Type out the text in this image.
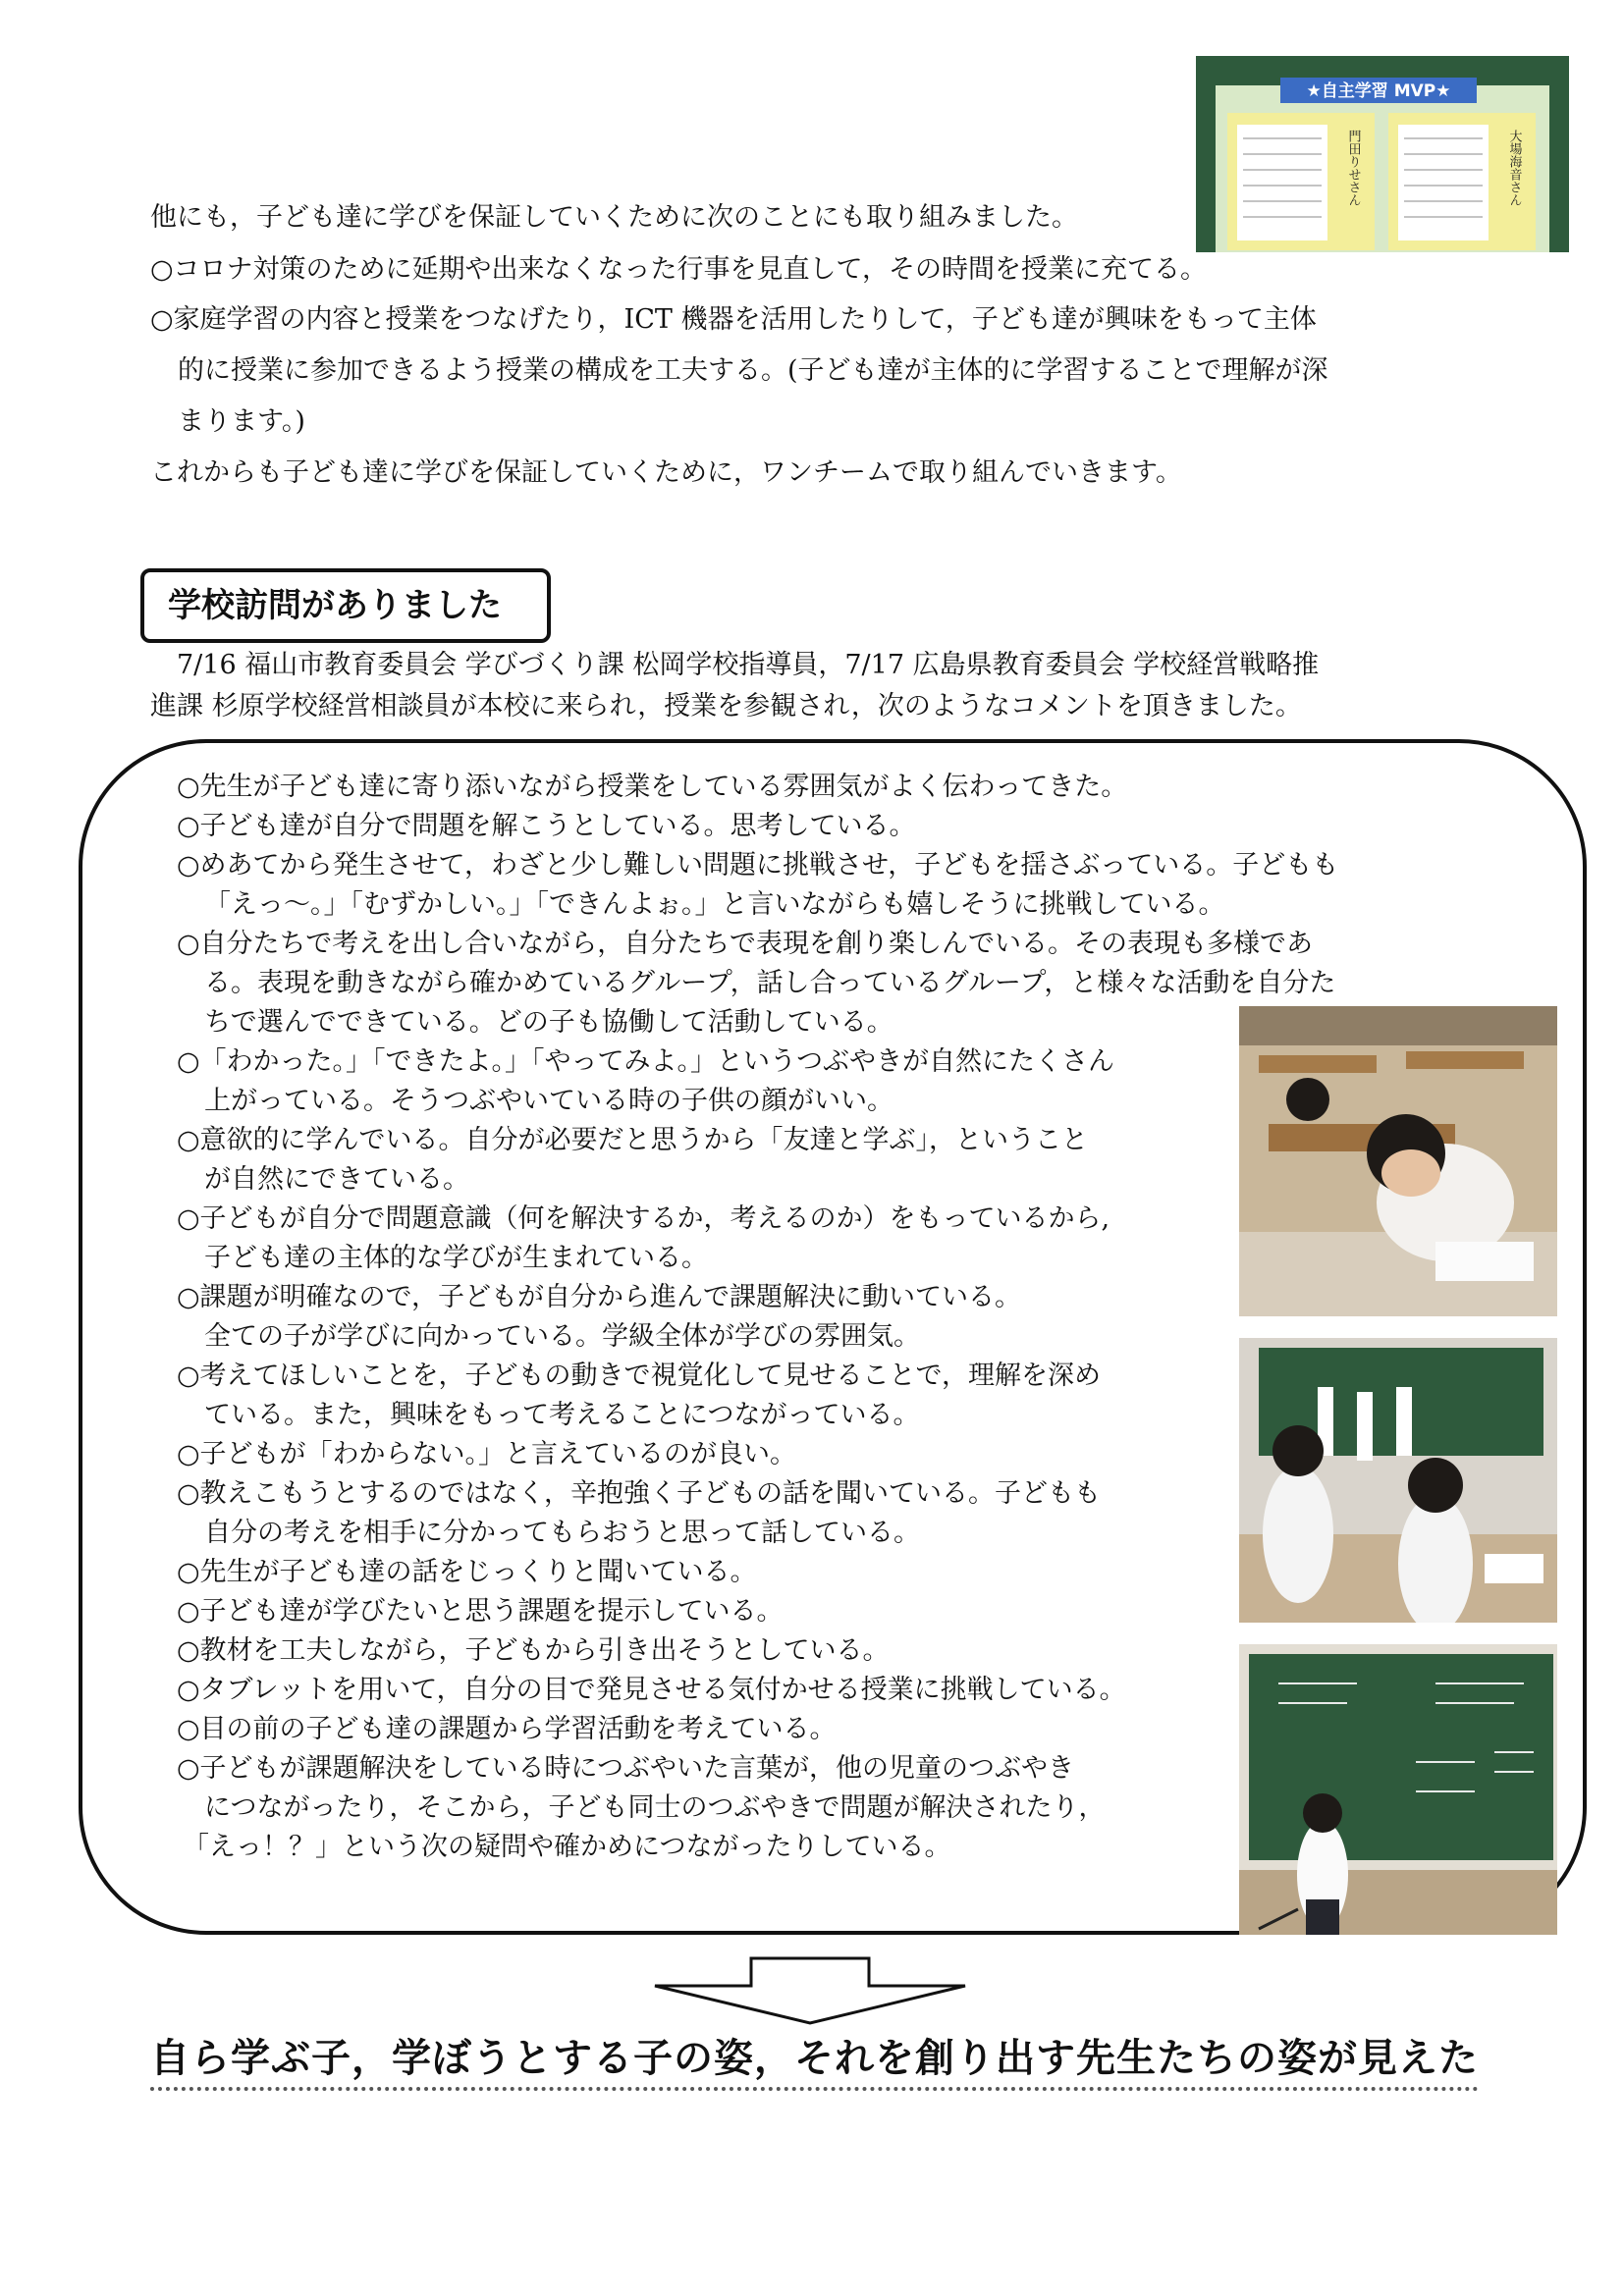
他にも，子ども達に学びを保証していくために次のことにも取り組みました。
○コロナ対策のために延期や出来なくなった行事を見直して，その時間を授業に充てる。
○家庭学習の内容と授業をつなげたり，ICT 機器を活用したりして，子ども達が興味をもって主体
的に授業に参加できるよう授業の構成を工夫する。(子ども達が主体的に学習することで理解が深
まります。)
これからも子ども達に学びを保証していくために，ワンチームで取り組んでいきます。
★自主学習 MVP★
門田りせさん	大場海音さん
学校訪問がありました
7/16 福山市教育委員会 学びづくり課 松岡学校指導員，7/17 広島県教育委員会 学校経営戦略推
進課 杉原学校経営相談員が本校に来られ，授業を参観され，次のようなコメントを頂きました。
○先生が子ども達に寄り添いながら授業をしている雰囲気がよく伝わってきた。
○子ども達が自分で問題を解こうとしている。思考している。
○めあてから発生させて，わざと少し難しい問題に挑戦させ，子どもを揺さぶっている。子どもも
「えっ〜。」「むずかしい。」「できんよぉ。」と言いながらも嬉しそうに挑戦している。
○自分たちで考えを出し合いながら，自分たちで表現を創り楽しんでいる。その表現も多様であ
る。表現を動きながら確かめているグループ，話し合っているグループ，と様々な活動を自分た
ちで選んでできている。どの子も協働して活動している。
○「わかった。」「できたよ。」「やってみよ。」というつぶやきが自然にたくさん
上がっている。そうつぶやいている時の子供の顔がいい。
○意欲的に学んでいる。自分が必要だと思うから「友達と学ぶ」，ということ
が自然にできている。
○子どもが自分で問題意識（何を解決するか，考えるのか）をもっているから,
子ども達の主体的な学びが生まれている。
○課題が明確なので，子どもが自分から進んで課題解決に動いている。
全ての子が学びに向かっている。学級全体が学びの雰囲気。
○考えてほしいことを，子どもの動きで視覚化して見せることで，理解を深め
ている。また，興味をもって考えることにつながっている。
○子どもが「わからない。」と言えているのが良い。
○教えこもうとするのではなく，辛抱強く子どもの話を聞いている。子どもも
自分の考えを相手に分かってもらおうと思って話している。
○先生が子ども達の話をじっくりと聞いている。
○子ども達が学びたいと思う課題を提示している。
○教材を工夫しながら，子どもから引き出そうとしている。
○タブレットを用いて，自分の目で発見させる気付かせる授業に挑戦している。
○目の前の子ども達の課題から学習活動を考えている。
○子どもが課題解決をしている時につぶやいた言葉が，他の児童のつぶやき
につながったり，そこから，子ども同士のつぶやきで問題が解決されたり，
「えっ！？」という次の疑問や確かめにつながったりしている。
自ら学ぶ子，学ぼうとする子の姿，それを創り出す先生たちの姿が見えた
